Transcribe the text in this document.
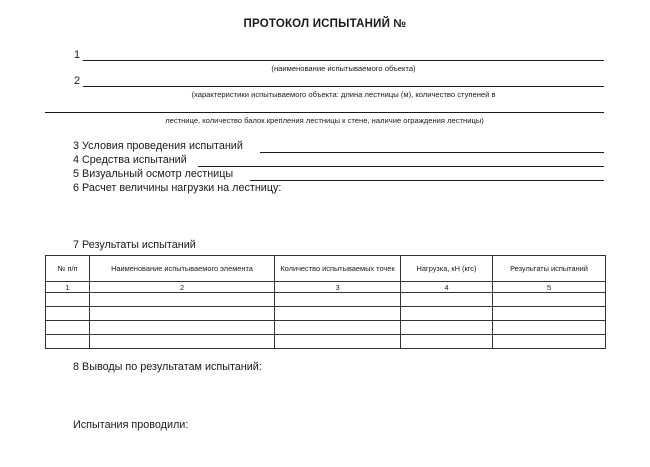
ПРОТОКОЛ ИСПЫТАНИЙ №
1
(наименование испытываемого объекта)
2
(характеристики испытываемого объекта: длина лестницы (м), количество ступеней в
лестнице, количество балок крепления лестницы к стене, наличие ограждения лестницы)
3 Условия проведения испытаний
4 Средства испытаний
5 Визуальный осмотр лестницы
6 Расчет величины нагрузки на лестницу:
7 Результаты испытаний
№ п/п	Наименование испытываемого элемента	Количество испытываемых точек	Нагрузка, кН (кгс)	Результаты испытаний
1	2	3	4	5

8 Выводы по результатам испытаний:
Испытания проводили:
